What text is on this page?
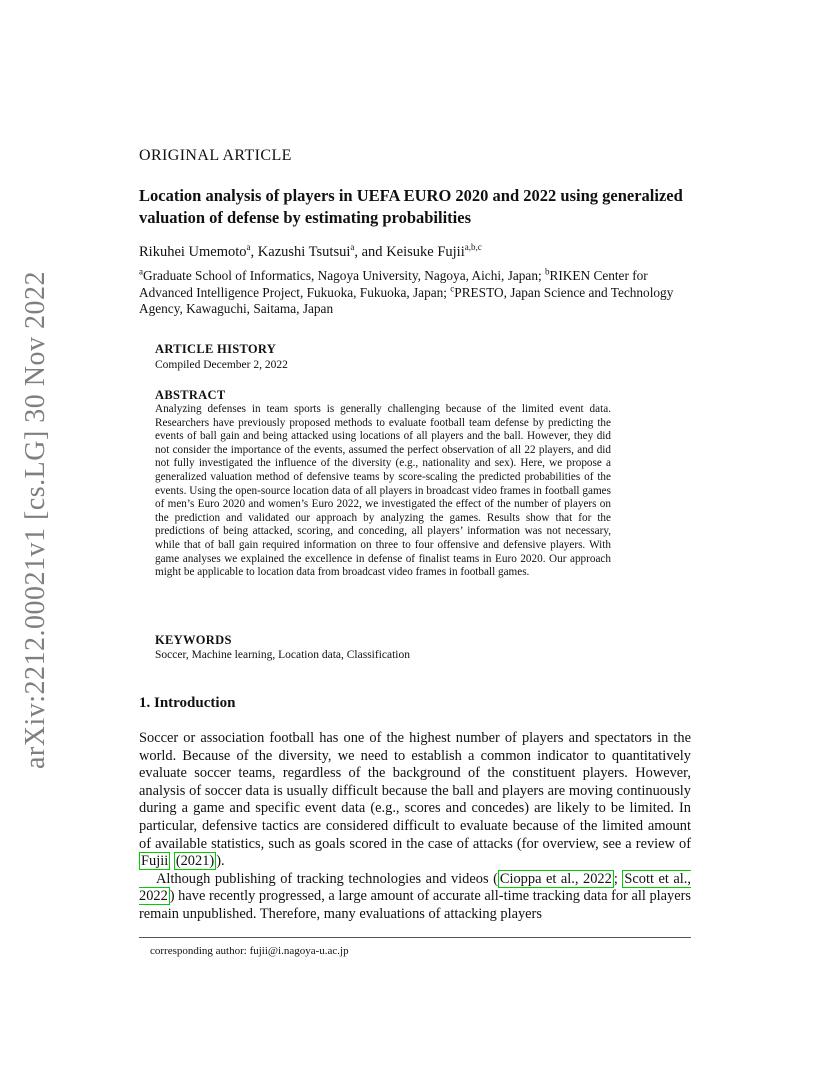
arXiv:2212.00021v1 [cs.LG] 30 Nov 2022
ORIGINAL ARTICLE
Location analysis of players in UEFA EURO 2020 and 2022 using generalized valuation of defense by estimating probabilities
Rikuhei Umemoto$^a$, Kazushi Tsutsui$^a$, and Keisuke Fujii$^{a,b,c}$
$^a$Graduate School of Informatics, Nagoya University, Nagoya, Aichi, Japan; $^b$RIKEN Center for Advanced Intelligence Project, Fukuoka, Fukuoka, Japan; $^c$PRESTO, Japan Science and Technology Agency, Kawaguchi, Saitama, Japan
ARTICLE HISTORY
Compiled December 2, 2022
ABSTRACT
Analyzing defenses in team sports is generally challenging because of the limited event data. Researchers have previously proposed methods to evaluate football team defense by predicting the events of ball gain and being attacked using locations of all players and the ball. However, they did not consider the importance of the events, assumed the perfect observation of all 22 players, and did not fully investigated the influence of the diversity (e.g., nationality and sex). Here, we propose a generalized valuation method of defensive teams by score-scaling the predicted probabilities of the events. Using the open-source location data of all players in broadcast video frames in football games of men’s Euro 2020 and women’s Euro 2022, we investigated the effect of the number of players on the prediction and validated our approach by analyzing the games. Results show that for the predictions of being attacked, scoring, and conceding, all players’ information was not necessary, while that of ball gain required information on three to four offensive and defensive players. With game analyses we explained the excellence in defense of finalist teams in Euro 2020. Our approach might be applicable to location data from broadcast video frames in football games.
KEYWORDS
Soccer, Machine learning, Location data, Classification
1. Introduction

Soccer or association football has one of the highest number of players and spectators in the world. Because of the diversity, we need to establish a common indicator to quantitatively evaluate soccer teams, regardless of the background of the constituent players. However, analysis of soccer data is usually difficult because the ball and players are moving continuously during a game and specific event data (e.g., scores and concedes) are likely to be limited. In particular, defensive tactics are considered difficult to evaluate because of the limited amount of available statistics, such as goals scored in the case of attacks (for overview, see a review of Fujii (2021) ).

Although publishing of tracking technologies and videos ( Cioppa et al., 2022 ; Scott et al., 2022 ) have recently progressed, a large amount of accurate all-time tracking data for all players remain unpublished. Therefore, many evaluations of attacking players

corresponding author: fujii@i.nagoya-u.ac.jp
